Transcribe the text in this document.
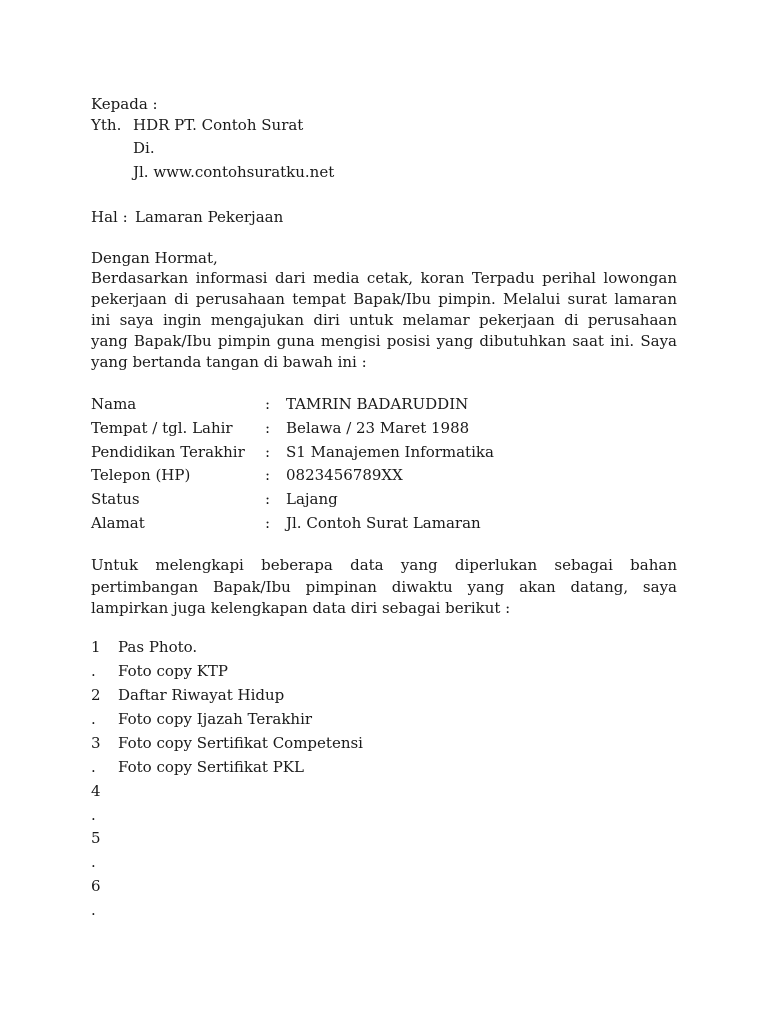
Kepada :
Yth. HDR PT. Contoh Surat
Di.
Jl. www.contohsuratku.net
Hal : Lamaran Pekerjaan
Dengan Hormat,
Berdasarkan informasi dari media cetak, koran Terpadu perihal lowongan pekerjaan di perusahaan tempat Bapak/Ibu pimpin. Melalui surat lamaran ini saya ingin mengajukan diri untuk melamar pekerjaan di perusahaan yang Bapak/Ibu pimpin guna mengisi posisi yang dibutuhkan saat ini. Saya yang bertanda tangan di bawah ini :
Nama	: TAMRIN BADARUDDIN
Tempat / tgl. Lahir : Belawa / 23 Maret 1988
Pendidikan Terakhir : S1 Manajemen Informatika
Telepon (HP)	: 0823456789XX
Status	: Lajang
Alamat	: Jl. Contoh Surat Lamaran
Untuk melengkapi beberapa data yang diperlukan sebagai bahan pertimbangan Bapak/Ibu pimpinan diwaktu yang akan datang, saya lampirkan juga kelengkapan data diri sebagai berikut :
1
.
2
.
3
.
4
.
5
.
6
.
Pas Photo.
Foto copy KTP
Daftar Riwayat Hidup
Foto copy Ijazah Terakhir
Foto copy Sertifikat Competensi
Foto copy Sertifikat PKL
